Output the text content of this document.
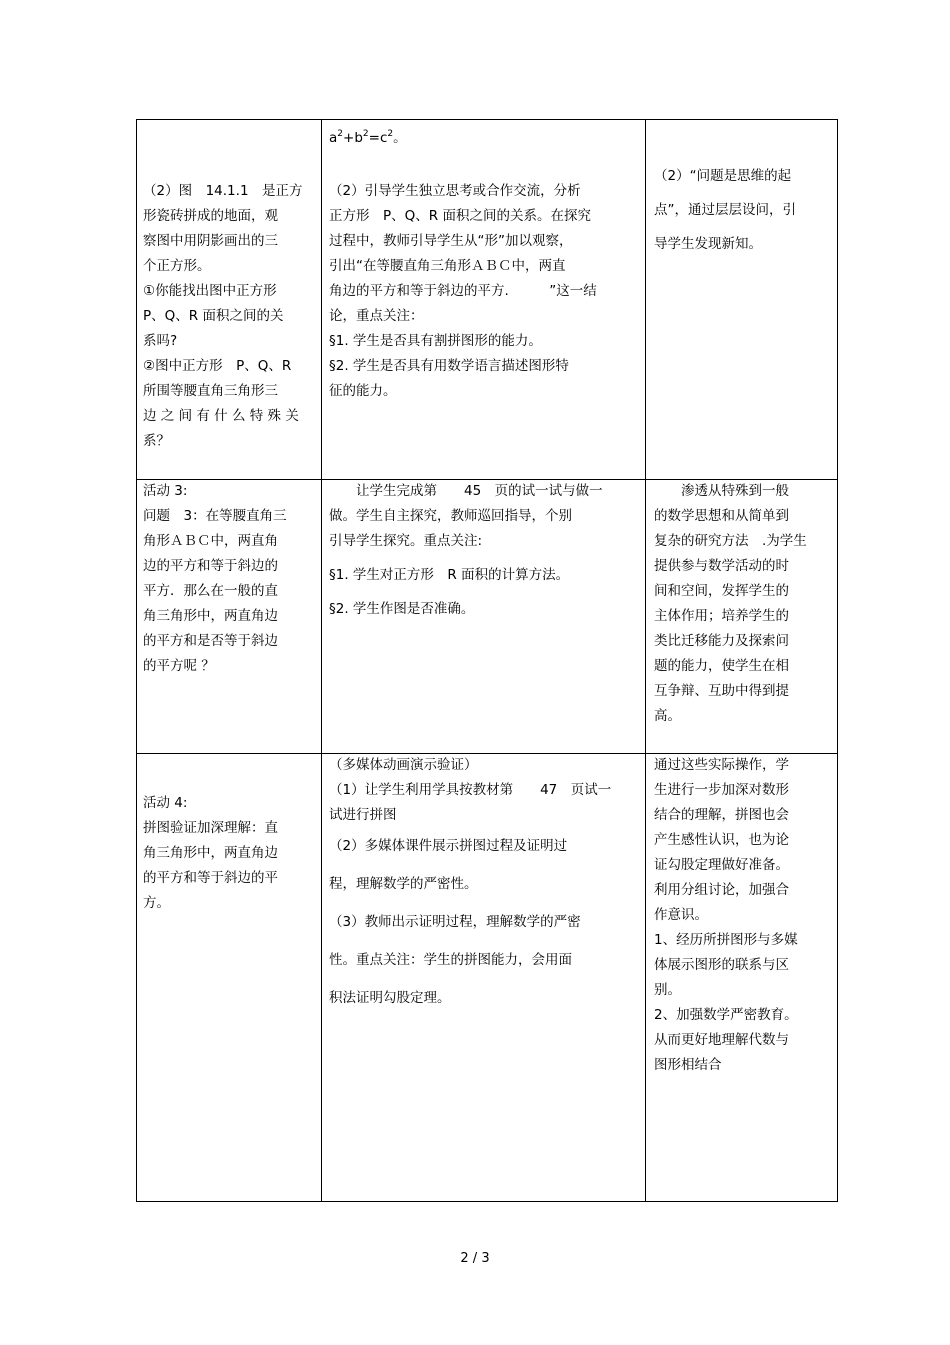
（2）图　14.1.1　是正方

形瓷砖拼成的地面，观

察图中用阴影画出的三

个正方形。

①你能找出图中正方形

P、Q、R 面积之间的关

系吗?

②图中正方形　P、Q、R

所围等腰直角三角形三

边 之 间 有 什 么 特 殊 关

系？

$a^2+b^2=c^2$。

（2）引导学生独立思考或合作交流，分析

正方形　P、Q、R 面积之间的关系。在探究

过程中，教师引导学生从“形”加以观察，

引出“在等腰直角三角形ＡＢＣ中，两直

角边的平方和等于斜边的平方.　　　”这一结

论，重点关注：

§1. 学生是否具有割拼图形的能力。

§2. 学生是否具有用数学语言描述图形特

征的能力。

（2）“问题是思维的起

点”，通过层层设问，引

导学生发现新知。

活动 3:

问题　3：在等腰直角三

角形ＡＢＣ中，两直角

边的平方和等于斜边的

平方．那么在一般的直

角三角形中，两直角边

的平方和是否等于斜边

的平方呢 ？

　　让学生完成第　　45　页的试一试与做一

做。学生自主探究，教师巡回指导，个别

引导学生探究。重点关注:

§1. 学生对正方形　R 面积的计算方法。

§2. 学生作图是否准确。

　　渗透从特殊到一般

的数学思想和从简单到

复杂的研究方法　.为学生

提供参与数学活动的时

间和空间，发挥学生的

主体作用；培养学生的

类比迁移能力及探索问

题的能力，使学生在相

互争辩、互助中得到提

高。

活动 4:

拼图验证加深理解：直

角三角形中，两直角边

的平方和等于斜边的平

方。

（多媒体动画演示验证）

（1）让学生利用学具按教材第　　47　页试一

试进行拼图

（2）多媒体课件展示拼图过程及证明过

程，理解数学的严密性。

（3）教师出示证明过程，理解数学的严密

性。重点关注：学生的拼图能力，会用面

积法证明勾股定理。

通过这些实际操作，学

生进行一步加深对数形

结合的理解，拼图也会

产生感性认识，也为论

证勾股定理做好准备。

利用分组讨论，加强合

作意识。

1、经历所拼图形与多媒

体展示图形的联系与区

别。

2、加强数学严密教育。

从而更好地理解代数与

图形相结合

2 / 3
